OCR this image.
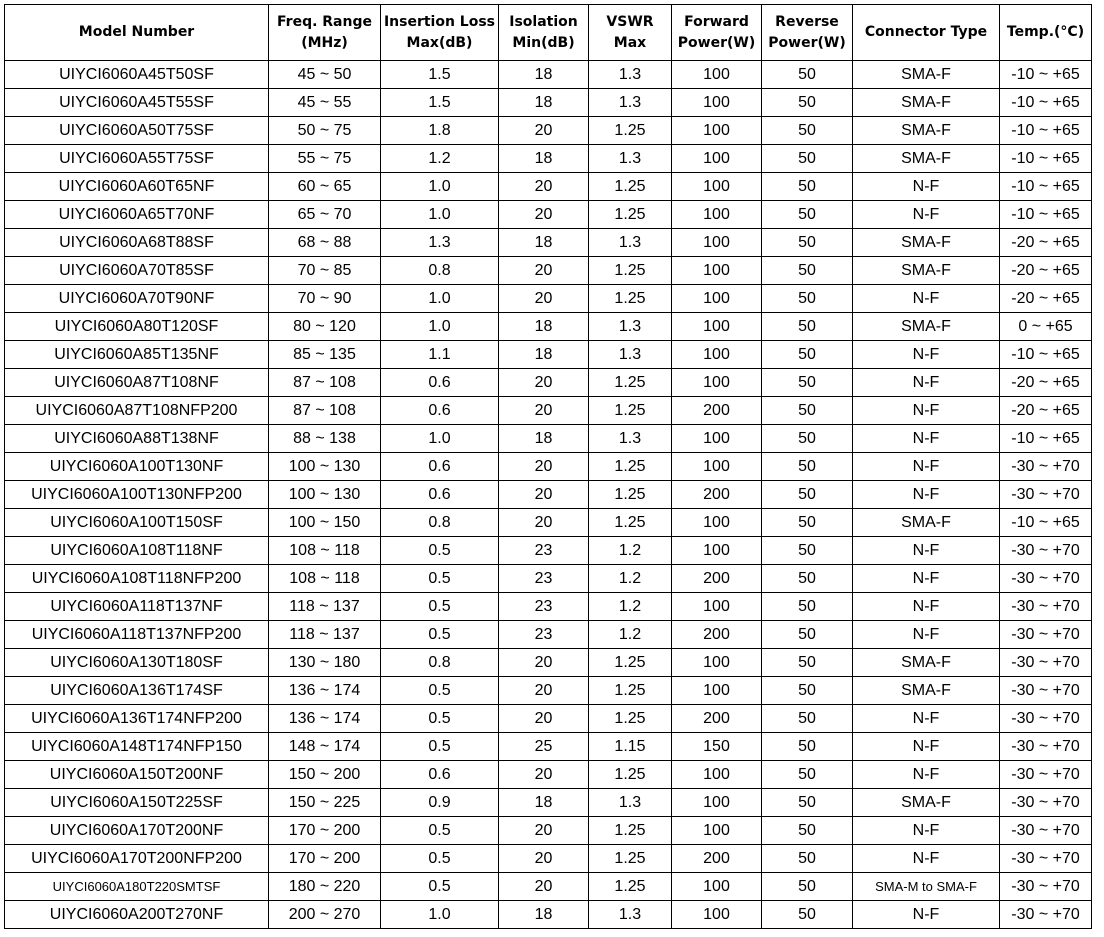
Model Number	Freq. Range (MHz)	Insertion Loss Max(dB)	Isolation Min(dB)	VSWR Max	Forward Power(W)	Reverse Power(W)	Connector Type	Temp.(°C)
UIYCI6060A45T50SF	45 ~ 50	1.5	18	1.3	100	50	SMA-F	-10 ~ +65
UIYCI6060A45T55SF	45 ~ 55	1.5	18	1.3	100	50	SMA-F	-10 ~ +65
UIYCI6060A50T75SF	50 ~ 75	1.8	20	1.25	100	50	SMA-F	-10 ~ +65
UIYCI6060A55T75SF	55 ~ 75	1.2	18	1.3	100	50	SMA-F	-10 ~ +65
UIYCI6060A60T65NF	60 ~ 65	1.0	20	1.25	100	50	N-F	-10 ~ +65
UIYCI6060A65T70NF	65 ~ 70	1.0	20	1.25	100	50	N-F	-10 ~ +65
UIYCI6060A68T88SF	68 ~ 88	1.3	18	1.3	100	50	SMA-F	-20 ~ +65
UIYCI6060A70T85SF	70 ~ 85	0.8	20	1.25	100	50	SMA-F	-20 ~ +65
UIYCI6060A70T90NF	70 ~ 90	1.0	20	1.25	100	50	N-F	-20 ~ +65
UIYCI6060A80T120SF	80 ~ 120	1.0	18	1.3	100	50	SMA-F	0 ~ +65
UIYCI6060A85T135NF	85 ~ 135	1.1	18	1.3	100	50	N-F	-10 ~ +65
UIYCI6060A87T108NF	87 ~ 108	0.6	20	1.25	100	50	N-F	-20 ~ +65
UIYCI6060A87T108NFP200	87 ~ 108	0.6	20	1.25	200	50	N-F	-20 ~ +65
UIYCI6060A88T138NF	88 ~ 138	1.0	18	1.3	100	50	N-F	-10 ~ +65
UIYCI6060A100T130NF	100 ~ 130	0.6	20	1.25	100	50	N-F	-30 ~ +70
UIYCI6060A100T130NFP200	100 ~ 130	0.6	20	1.25	200	50	N-F	-30 ~ +70
UIYCI6060A100T150SF	100 ~ 150	0.8	20	1.25	100	50	SMA-F	-10 ~ +65
UIYCI6060A108T118NF	108 ~ 118	0.5	23	1.2	100	50	N-F	-30 ~ +70
UIYCI6060A108T118NFP200	108 ~ 118	0.5	23	1.2	200	50	N-F	-30 ~ +70
UIYCI6060A118T137NF	118 ~ 137	0.5	23	1.2	100	50	N-F	-30 ~ +70
UIYCI6060A118T137NFP200	118 ~ 137	0.5	23	1.2	200	50	N-F	-30 ~ +70
UIYCI6060A130T180SF	130 ~ 180	0.8	20	1.25	100	50	SMA-F	-30 ~ +70
UIYCI6060A136T174SF	136 ~ 174	0.5	20	1.25	100	50	SMA-F	-30 ~ +70
UIYCI6060A136T174NFP200	136 ~ 174	0.5	20	1.25	200	50	N-F	-30 ~ +70
UIYCI6060A148T174NFP150	148 ~ 174	0.5	25	1.15	150	50	N-F	-30 ~ +70
UIYCI6060A150T200NF	150 ~ 200	0.6	20	1.25	100	50	N-F	-30 ~ +70
UIYCI6060A150T225SF	150 ~ 225	0.9	18	1.3	100	50	SMA-F	-30 ~ +70
UIYCI6060A170T200NF	170 ~ 200	0.5	20	1.25	100	50	N-F	-30 ~ +70
UIYCI6060A170T200NFP200	170 ~ 200	0.5	20	1.25	200	50	N-F	-30 ~ +70
UIYCI6060A180T220SMTSF	180 ~ 220	0.5	20	1.25	100	50	SMA-M to SMA-F	-30 ~ +70
UIYCI6060A200T270NF	200 ~ 270	1.0	18	1.3	100	50	N-F	-30 ~ +70
